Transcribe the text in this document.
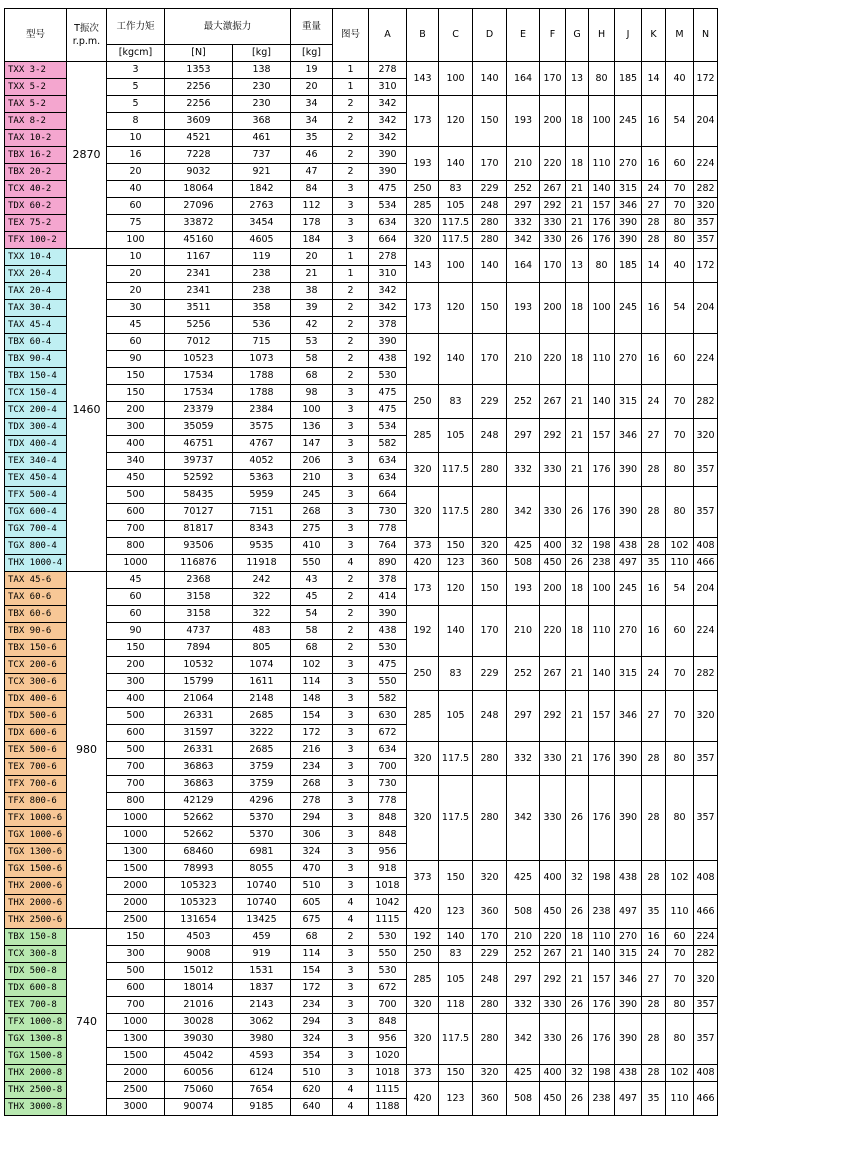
型号	T振次
r.p.m.	工作力矩	最大激振力		重量	图号	A	B	C	D	E	F	G	H	J	K	M	N
		[kgcm]	[N]	[kg]	[kg]													
TXX 3-2	2870	3	1353	138	19	1	278	143	100	140	164	170	13	80	185	14	40	172
TXX 5-2		5	2256	230	20	1	310											
TAX 5-2		5	2256	230	34	2	342	173	120	150	193	200	18	100	245	16	54	204
TAX 8-2		8	3609	368	34	2	342											
TAX 10-2		10	4521	461	35	2	342											
TBX 16-2		16	7228	737	46	2	390	193	140	170	210	220	18	110	270	16	60	224
TBX 20-2		20	9032	921	47	2	390											
TCX 40-2		40	18064	1842	84	3	475	250	83	229	252	267	21	140	315	24	70	282
TDX 60-2		60	27096	2763	112	3	534	285	105	248	297	292	21	157	346	27	70	320
TEX 75-2		75	33872	3454	178	3	634	320	117.5	280	332	330	21	176	390	28	80	357
TFX 100-2		100	45160	4605	184	3	664	320	117.5	280	342	330	26	176	390	28	80	357
TXX 10-4	1460	10	1167	119	20	1	278	143	100	140	164	170	13	80	185	14	40	172
TXX 20-4		20	2341	238	21	1	310											
TAX 20-4		20	2341	238	38	2	342	173	120	150	193	200	18	100	245	16	54	204
TAX 30-4		30	3511	358	39	2	342											
TAX 45-4		45	5256	536	42	2	378											
TBX 60-4		60	7012	715	53	2	390	192	140	170	210	220	18	110	270	16	60	224
TBX 90-4		90	10523	1073	58	2	438											
TBX 150-4		150	17534	1788	68	2	530											
TCX 150-4		150	17534	1788	98	3	475	250	83	229	252	267	21	140	315	24	70	282
TCX 200-4		200	23379	2384	100	3	475											
TDX 300-4		300	35059	3575	136	3	534	285	105	248	297	292	21	157	346	27	70	320
TDX 400-4		400	46751	4767	147	3	582											
TEX 340-4		340	39737	4052	206	3	634	320	117.5	280	332	330	21	176	390	28	80	357
TEX 450-4		450	52592	5363	210	3	634											
TFX 500-4		500	58435	5959	245	3	664	320	117.5	280	342	330	26	176	390	28	80	357
TGX 600-4		600	70127	7151	268	3	730											
TGX 700-4		700	81817	8343	275	3	778											
TGX 800-4		800	93506	9535	410	3	764	373	150	320	425	400	32	198	438	28	102	408
THX 1000-4		1000	116876	11918	550	4	890	420	123	360	508	450	26	238	497	35	110	466
TAX 45-6	980	45	2368	242	43	2	378	173	120	150	193	200	18	100	245	16	54	204
TAX 60-6		60	3158	322	45	2	414											
TBX 60-6		60	3158	322	54	2	390	192	140	170	210	220	18	110	270	16	60	224
TBX 90-6		90	4737	483	58	2	438											
TBX 150-6		150	7894	805	68	2	530											
TCX 200-6		200	10532	1074	102	3	475	250	83	229	252	267	21	140	315	24	70	282
TCX 300-6		300	15799	1611	114	3	550											
TDX 400-6		400	21064	2148	148	3	582	285	105	248	297	292	21	157	346	27	70	320
TDX 500-6		500	26331	2685	154	3	630											
TDX 600-6		600	31597	3222	172	3	672											
TEX 500-6		500	26331	2685	216	3	634	320	117.5	280	332	330	21	176	390	28	80	357
TEX 700-6		700	36863	3759	234	3	700											
TFX 700-6		700	36863	3759	268	3	730	320	117.5	280	342	330	26	176	390	28	80	357
TFX 800-6		800	42129	4296	278	3	778											
TFX 1000-6		1000	52662	5370	294	3	848											
TGX 1000-6		1000	52662	5370	306	3	848											
TGX 1300-6		1300	68460	6981	324	3	956											
TGX 1500-6		1500	78993	8055	470	3	918	373	150	320	425	400	32	198	438	28	102	408
THX 2000-6		2000	105323	10740	510	3	1018											
THX 2000-6		2000	105323	10740	605	4	1042	420	123	360	508	450	26	238	497	35	110	466
THX 2500-6		2500	131654	13425	675	4	1115											
TBX 150-8	740	150	4503	459	68	2	530	192	140	170	210	220	18	110	270	16	60	224
TCX 300-8		300	9008	919	114	3	550	250	83	229	252	267	21	140	315	24	70	282
TDX 500-8		500	15012	1531	154	3	530	285	105	248	297	292	21	157	346	27	70	320
TDX 600-8		600	18014	1837	172	3	672											
TEX 700-8		700	21016	2143	234	3	700	320	118	280	332	330	26	176	390	28	80	357
TFX 1000-8		1000	30028	3062	294	3	848	320	117.5	280	342	330	26	176	390	28	80	357
TGX 1300-8		1300	39030	3980	324	3	956											
TGX 1500-8		1500	45042	4593	354	3	1020											
THX 2000-8		2000	60056	6124	510	3	1018	373	150	320	425	400	32	198	438	28	102	408
THX 2500-8		2500	75060	7654	620	4	1115	420	123	360	508	450	26	238	497	35	110	466
THX 3000-8		3000	90074	9185	640	4	1188											
